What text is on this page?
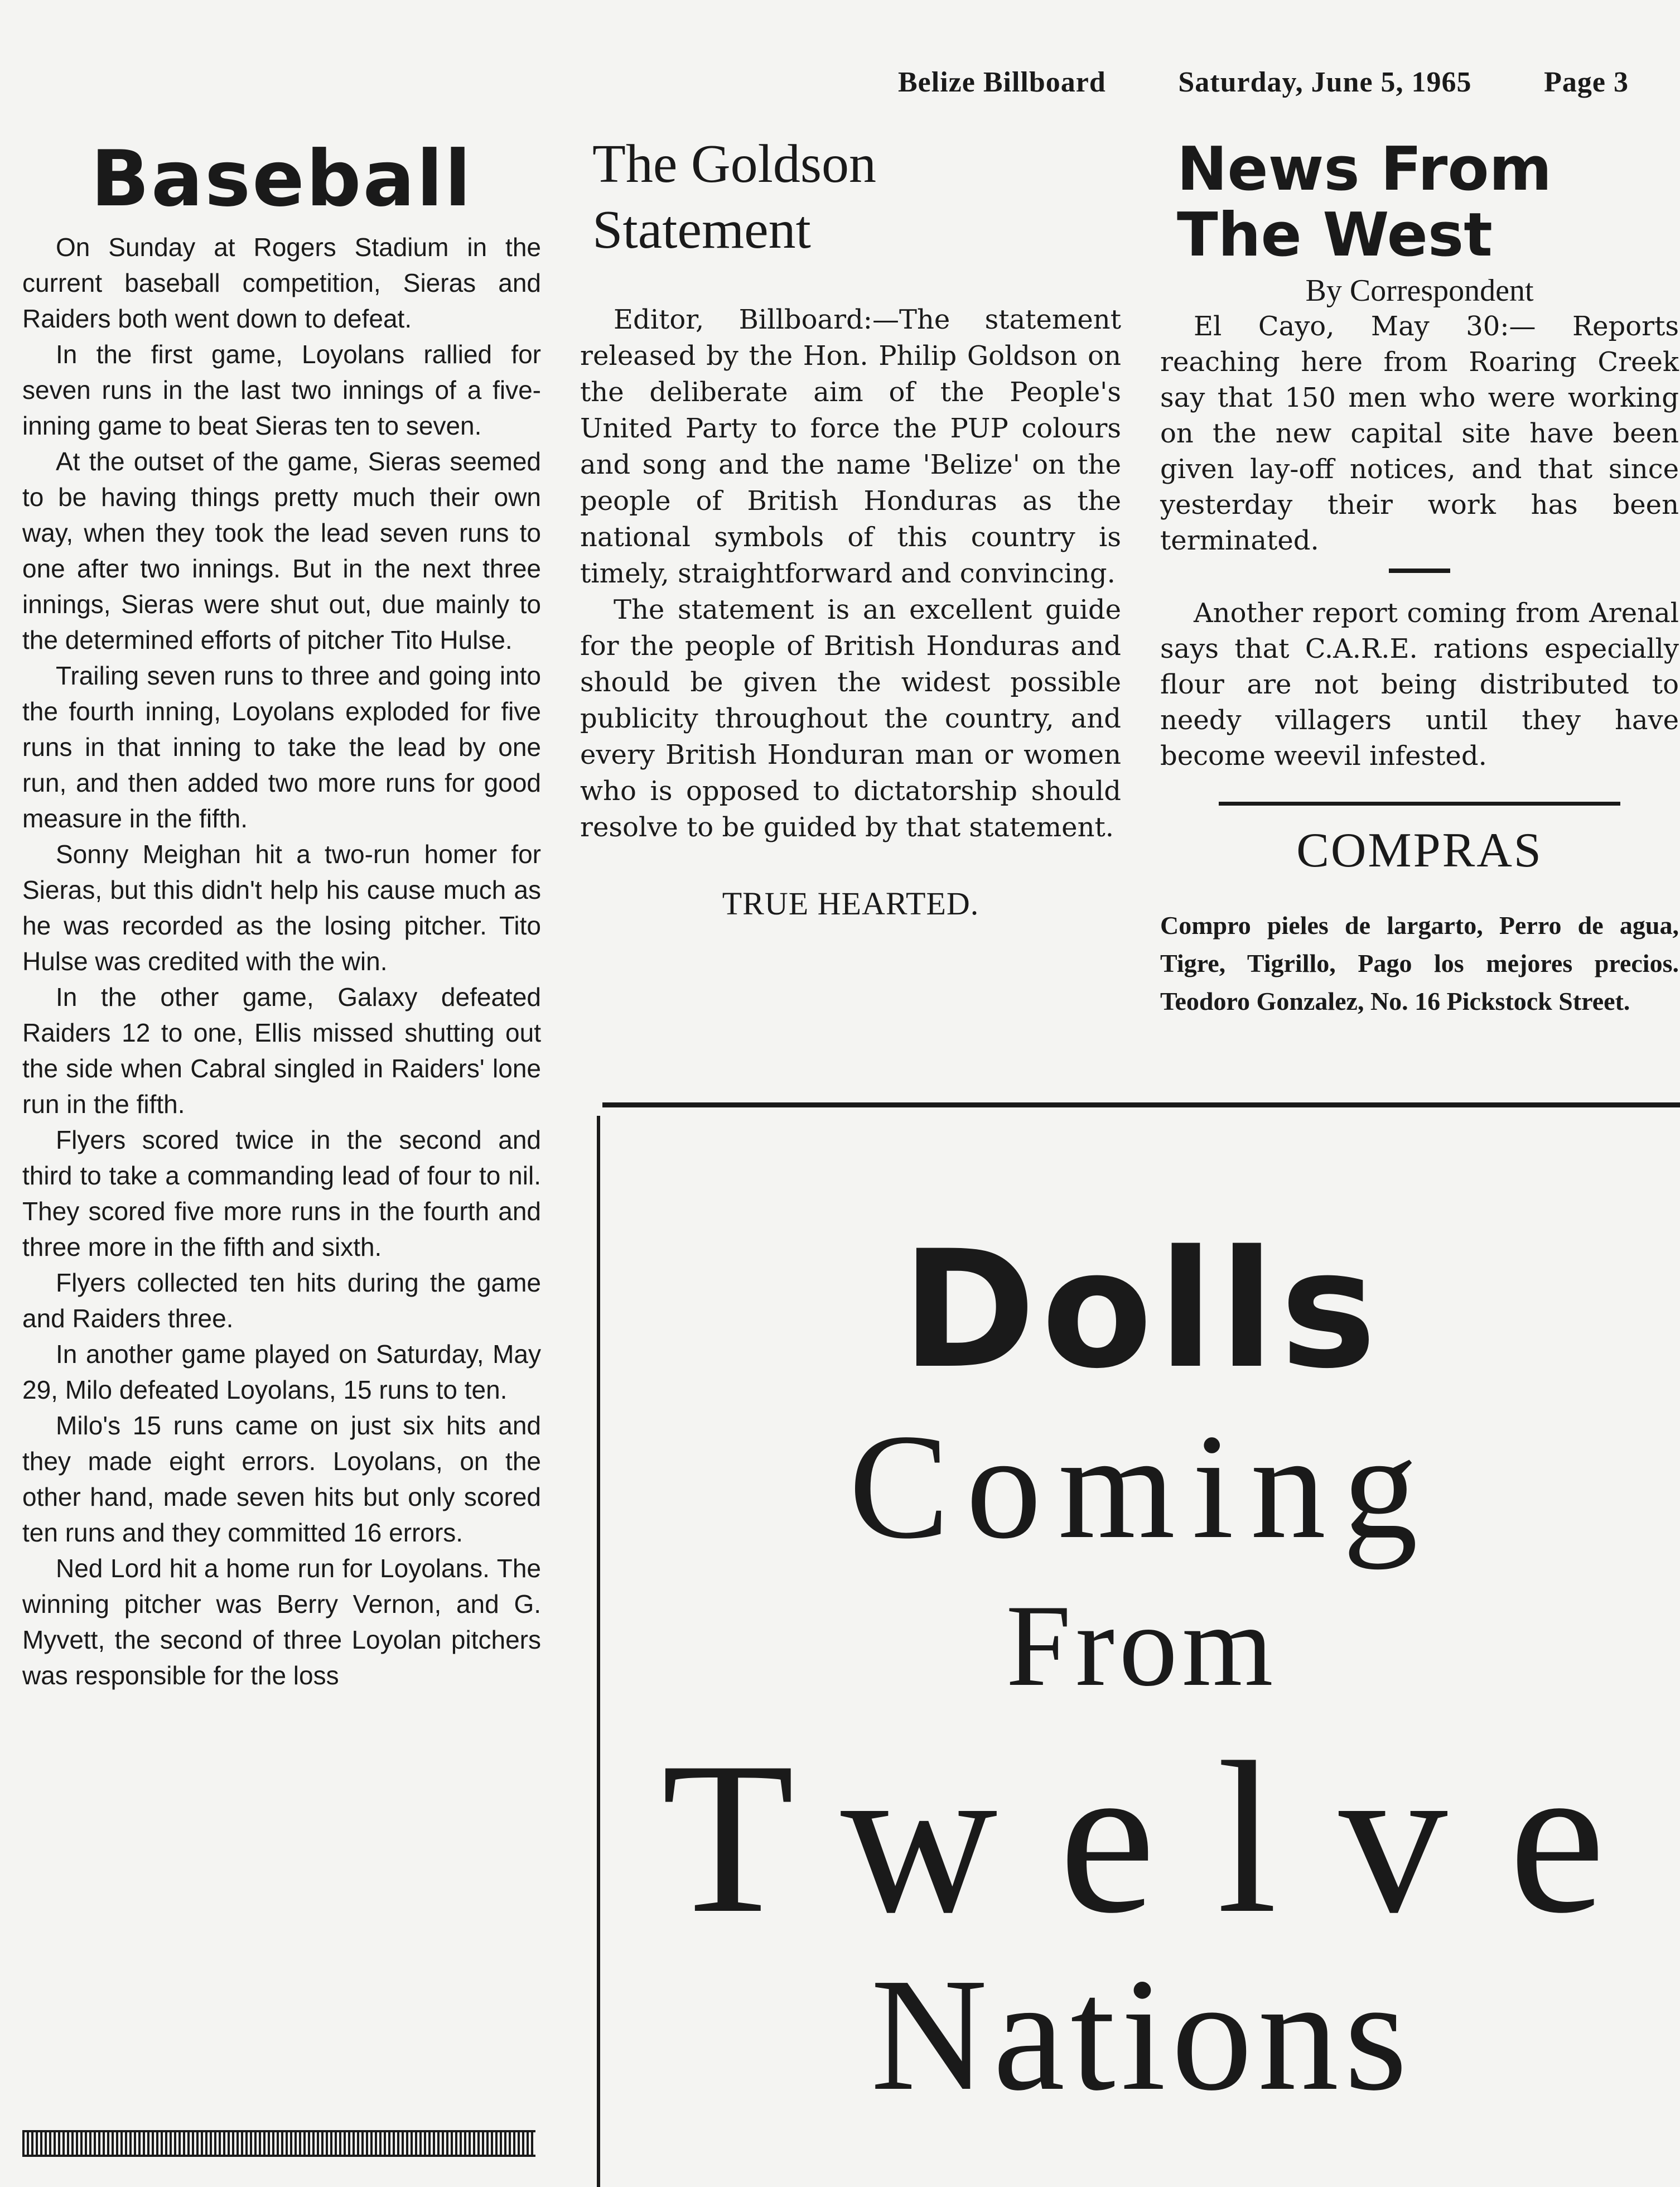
Belize Billboard Saturday, June 5, 1965 Page 3
Baseball

On Sunday at Rogers Stadium in the current baseball competition, Sieras and Raiders both went down to defeat.

In the first game, Loyolans rallied for seven runs in the last two innings of a five-inning game to beat Sieras ten to seven.

At the outset of the game, Sieras seemed to be having things pretty much their own way, when they took the lead seven runs to one after two innings. But in the next three innings, Sieras were shut out, due mainly to the determined efforts of pitcher Tito Hulse.

Trailing seven runs to three and going into the fourth inning, Loyolans exploded for five runs in that inning to take the lead by one run, and then added two more runs for good measure in the fifth.

Sonny Meighan hit a two-run homer for Sieras, but this didn't help his cause much as he was recorded as the losing pitcher. Tito Hulse was credited with the win.

In the other game, Galaxy defeated Raiders 12 to one, Ellis missed shutting out the side when Cabral singled in Raiders' lone run in the fifth.

Flyers scored twice in the second and third to take a commanding lead of four to nil. They scored five more runs in the fourth and three more in the fifth and sixth.

Flyers collected ten hits during the game and Raiders three.

In another game played on Saturday, May 29, Milo defeated Loyolans, 15 runs to ten.

Milo's 15 runs came on just six hits and they made eight errors. Loyolans, on the other hand, made seven hits but only scored ten runs and they committed 16 errors.

Ned Lord hit a home run for Loyolans. The winning pitcher was Berry Vernon, and G. Myvett, the second of three Loyolan pitchers was responsible for the loss

The Goldson
Statement

Editor, Billboard:—The statement released by the Hon. Philip Goldson on the deliberate aim of the People's United Party to force the PUP colours and song and the name 'Belize' on the people of British Honduras as the national symbols of this country is timely, straightforward and convincing.

The statement is an excellent guide for the people of British Honduras and should be given the widest possible publicity throughout the country, and every British Honduran man or women who is opposed to dictatorship should resolve to be guided by that statement.

TRUE HEARTED.
News From
The West
By Correspondent

El Cayo, May 30:— Reports reaching here from Roaring Creek say that 150 men who were working on the new capital site have been given lay-off notices, and that since yesterday their work has been terminated.

Another report coming from Arenal says that C.A.R.E. rations especially flour are not being distributed to needy villagers until they have become weevil infested.

COMPRAS

Compro pieles de largarto, Perro de agua, Tigre, Tigrillo, Pago los mejores precios. Teodoro Gonzalez, No. 16 Pickstock Street.

Dolls
Coming
From
Twelve
Nations
